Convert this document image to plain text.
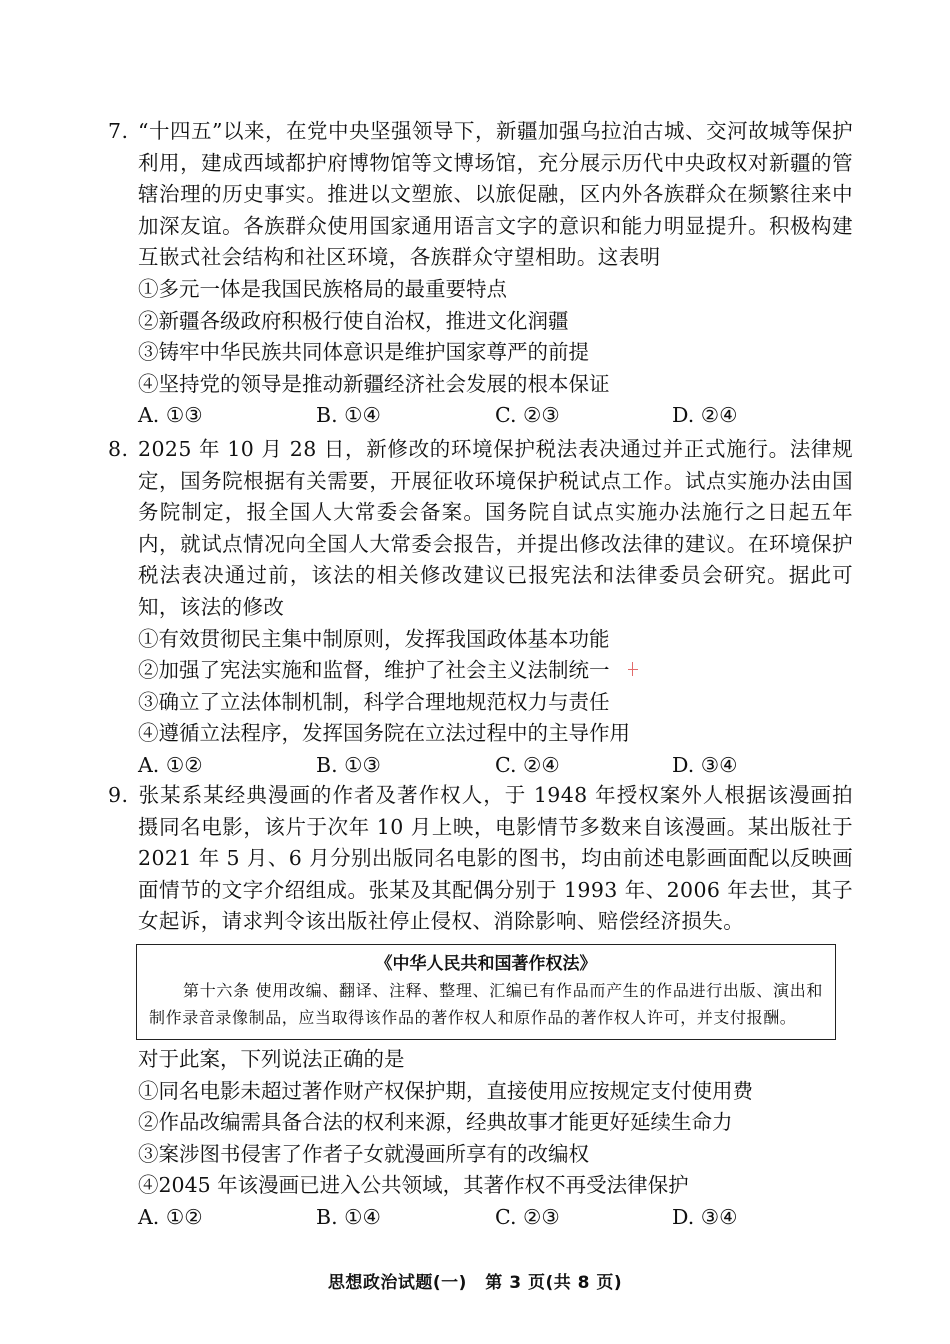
7. “十四五”以来，在党中央坚强领导下，新疆加强乌拉泊古城、交河故城等保护利用，建成西域都护府博物馆等文博场馆，充分展示历代中央政权对新疆的管辖治理的历史事实。推进以文塑旅、以旅促融，区内外各族群众在频繁往来中加深友谊。各族群众使用国家通用语言文字的意识和能力明显提升。积极构建互嵌式社会结构和社区环境，各族群众守望相助。这表明
①多元一体是我国民族格局的最重要特点
②新疆各级政府积极行使自治权，推进文化润疆
③铸牢中华民族共同体意识是维护国家尊严的前提
④坚持党的领导是推动新疆经济社会发展的根本保证
A. ①③	B. ①④	C. ②③	D. ②④
8. 2025 年 10 月 28 日，新修改的环境保护税法表决通过并正式施行。法律规定，国务院根据有关需要，开展征收环境保护税试点工作。试点实施办法由国务院制定，报全国人大常委会备案。国务院自试点实施办法施行之日起五年内，就试点情况向全国人大常委会报告，并提出修改法律的建议。在环境保护税法表决通过前，该法的相关修改建议已报宪法和法律委员会研究。据此可知，该法的修改
①有效贯彻民主集中制原则，发挥我国政体基本功能
②加强了宪法实施和监督，维护了社会主义法制统一
③确立了立法体制机制，科学合理地规范权力与责任
④遵循立法程序，发挥国务院在立法过程中的主导作用
A. ①②	B. ①③	C. ②④	D. ③④
9. 张某系某经典漫画的作者及著作权人，于 1948 年授权案外人根据该漫画拍摄同名电影，该片于次年 10 月上映，电影情节多数来自该漫画。某出版社于 2021 年 5 月、6 月分别出版同名电影的图书，均由前述电影画面配以反映画面情节的文字介绍组成。张某及其配偶分别于 1993 年、2006 年去世，其子女起诉，请求判令该出版社停止侵权、消除影响、赔偿经济损失。
《中华人民共和国著作权法》
第十六条 使用改编、翻译、注释、整理、汇编已有作品而产生的作品进行出版、演出和制作录音录像制品，应当取得该作品的著作权人和原作品的著作权人许可，并支付报酬。
对于此案，下列说法正确的是
①同名电影未超过著作财产权保护期，直接使用应按规定支付使用费
②作品改编需具备合法的权利来源，经典故事才能更好延续生命力
③案涉图书侵害了作者子女就漫画所享有的改编权
④2045 年该漫画已进入公共领域，其著作权不再受法律保护
A. ①②	B. ①④	C. ②③	D. ③④
思想政治试题(一) 第 3 页(共 8 页)
